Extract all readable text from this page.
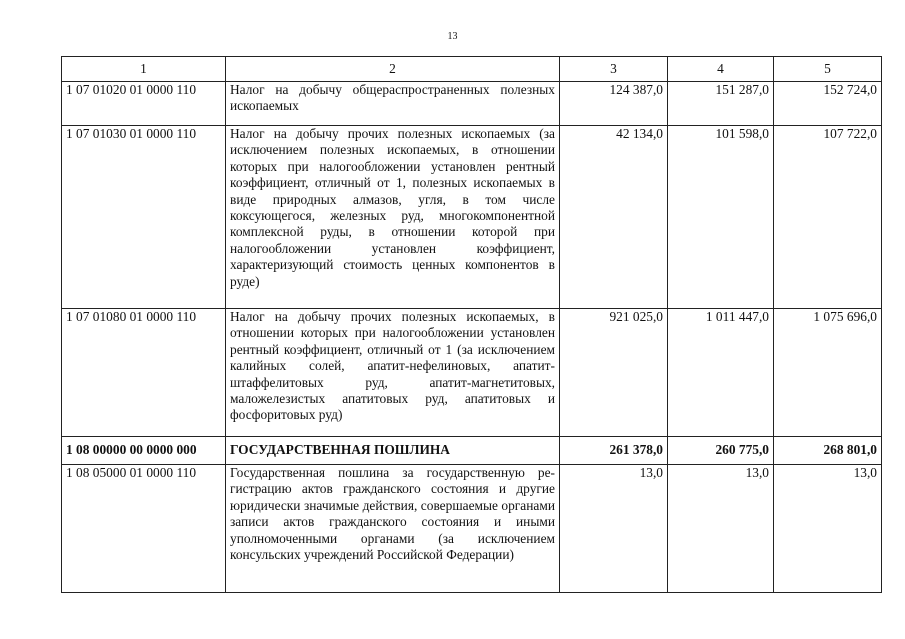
13
1	2	3	4	5
1 07 01020 01 0000 110	Налог на добычу общераспространенных полезных ископаемых	124 387,0	151 287,0	152 724,0
1 07 01030 01 0000 110	Налог на добычу прочих полезных ископаемых (за исключением полезных ископаемых, в отношении которых при налогообложении установлен рентный коэффициент, отличный от 1, полезных ископаемых в виде природных алмазов, угля, в том числе коксующегося, железных руд, многокомпонентной комплексной руды, в отношении которой при налогообложении установлен коэффициент, характеризующий стоимость ценных компонентов в руде)	42 134,0	101 598,0	107 722,0
1 07 01080 01 0000 110	Налог на добычу прочих полезных ископаемых, в отношении которых при налогообложении установлен рентный коэффициент, отличный от 1 (за исключением калийных солей, апатит-нефелиновых, апатит-штаффелитовых руд, апатит-магнетитовых, маложелезистых апатитовых руд, апатитовых и фосфоритовых руд)	921 025,0	1 011 447,0	1 075 696,0
1 08 00000 00 0000 000	ГОСУДАРСТВЕННАЯ ПОШЛИНА	261 378,0	260 775,0	268 801,0
1 08 05000 01 0000 110	Государственная пошлина за государственную регистрацию актов гражданского состояния и другие юридически значимые действия, совершаемые органами записи актов гражданского состояния и иными уполномоченными органами (за исключением консульских учреждений Российской Федерации)	13,0	13,0	13,0
